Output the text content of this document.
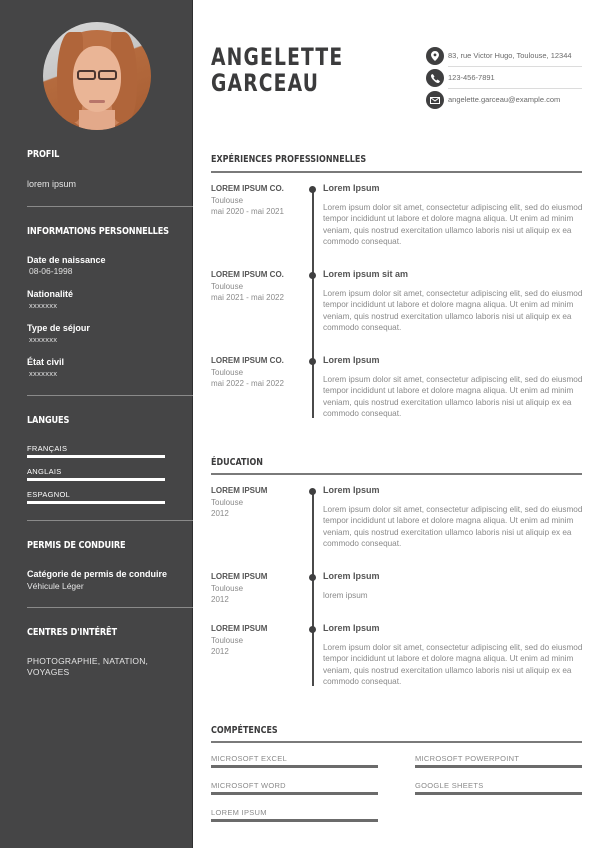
PROFIL
lorem ipsum
INFORMATIONS PERSONNELLES
Date de naissance
08-06-1998
Nationalité
xxxxxxx
Type de séjour
xxxxxxx
État civil
xxxxxxx
LANGUES
FRANÇAIS
ANGLAIS
ESPAGNOL
PERMIS DE CONDUIRE
Catégorie de permis de conduire
Véhicule Léger
CENTRES D'INTÉRÊT
PHOTOGRAPHIE, NATATION,
VOYAGES
ANGELETTE
GARCEAU
83, rue Victor Hugo, Toulouse, 12344
123-456-7891
angelette.garceau@example.com
EXPÉRIENCES PROFESSIONNELLES
LOREM IPSUM CO.
Toulouse
mai 2020 - mai 2021
Lorem Ipsum
Lorem ipsum dolor sit amet, consectetur adipiscing elit, sed do eiusmod tempor incididunt ut labore et dolore magna aliqua. Ut enim ad minim veniam, quis nostrud exercitation ullamco laboris nisi ut aliquip ex ea commodo consequat.
LOREM IPSUM CO.
Toulouse
mai 2021 - mai 2022
Lorem ipsum sit am
Lorem ipsum dolor sit amet, consectetur adipiscing elit, sed do eiusmod tempor incididunt ut labore et dolore magna aliqua. Ut enim ad minim veniam, quis nostrud exercitation ullamco laboris nisi ut aliquip ex ea commodo consequat.
LOREM IPSUM CO.
Toulouse
mai 2022 - mai 2022
Lorem Ipsum
Lorem ipsum dolor sit amet, consectetur adipiscing elit, sed do eiusmod tempor incididunt ut labore et dolore magna aliqua. Ut enim ad minim veniam, quis nostrud exercitation ullamco laboris nisi ut aliquip ex ea commodo consequat.
ÉDUCATION
LOREM IPSUM
Toulouse
2012
Lorem Ipsum
Lorem ipsum dolor sit amet, consectetur adipiscing elit, sed do eiusmod tempor incididunt ut labore et dolore magna aliqua. Ut enim ad minim veniam, quis nostrud exercitation ullamco laboris nisi ut aliquip ex ea commodo consequat.
LOREM IPSUM
Toulouse
2012
Lorem Ipsum
lorem ipsum
LOREM IPSUM
Toulouse
2012
Lorem Ipsum
Lorem ipsum dolor sit amet, consectetur adipiscing elit, sed do eiusmod tempor incididunt ut labore et dolore magna aliqua. Ut enim ad minim veniam, quis nostrud exercitation ullamco laboris nisi ut aliquip ex ea commodo consequat.
COMPÉTENCES
MICROSOFT EXCEL	MICROSOFT POWERPOINT
MICROSOFT WORD	GOOGLE SHEETS
LOREM IPSUM
